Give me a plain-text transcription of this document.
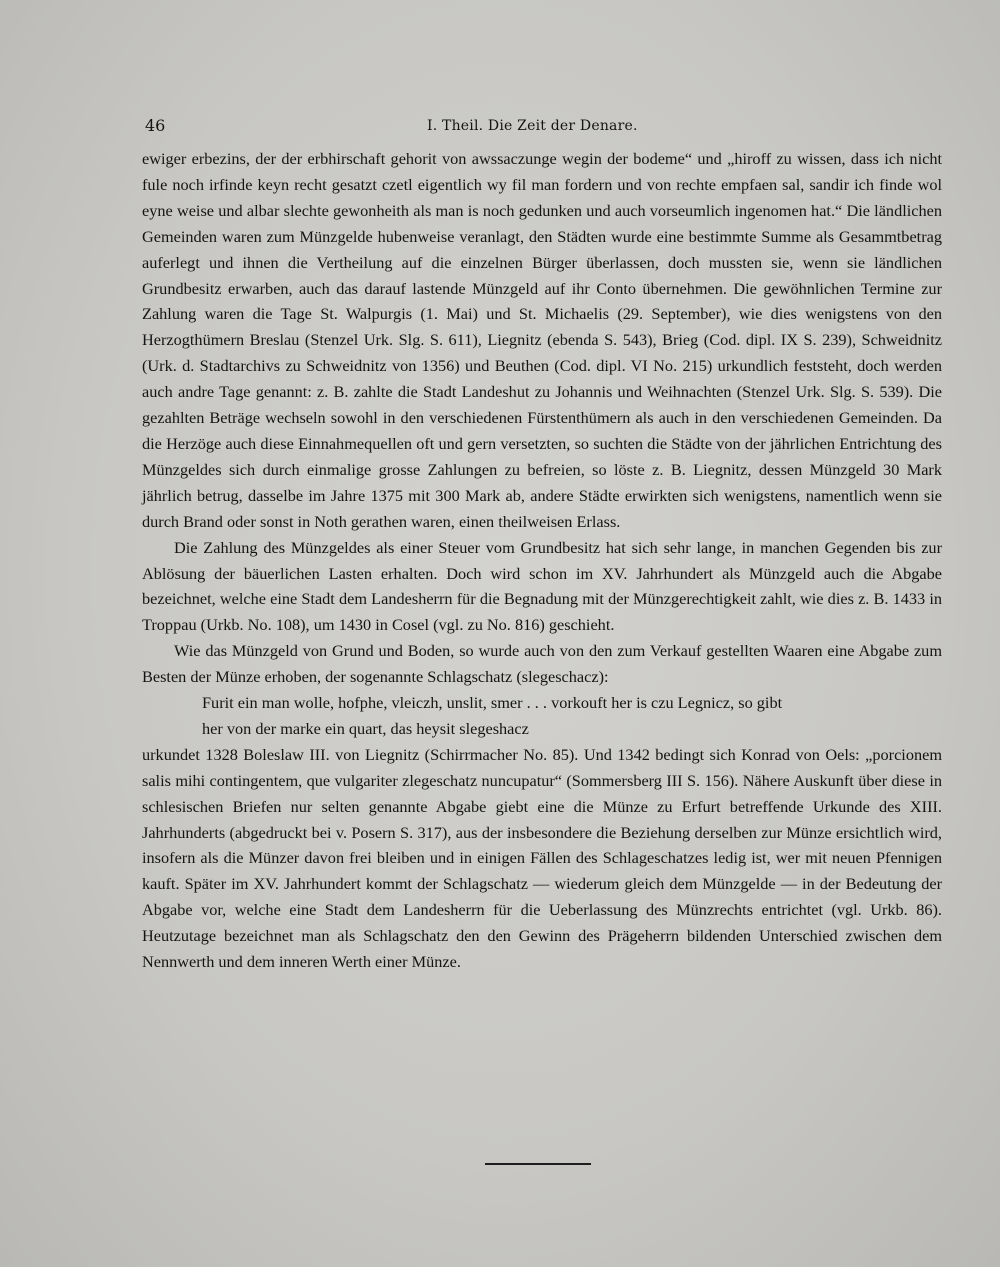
46	I. Theil. Die Zeit der Denare.

ewiger erbezins, der der erbhirschaft gehorit von awssaczunge wegin der bodeme“ und „hiroff zu wissen, dass ich nicht fule noch irfinde keyn recht gesatzt czetl eigentlich wy fil man fordern und von rechte empfaen sal, sandir ich finde wol eyne weise und albar slechte gewonheith als man is noch gedunken und auch vorseumlich ingenomen hat.“ Die ländlichen Gemeinden waren zum Münzgelde hubenweise veranlagt, den Städten wurde eine bestimmte Summe als Gesammtbetrag auferlegt und ihnen die Vertheilung auf die einzelnen Bürger überlassen, doch mussten sie, wenn sie ländlichen Grundbesitz erwarben, auch das darauf lastende Münzgeld auf ihr Conto übernehmen. Die gewöhnlichen Termine zur Zahlung waren die Tage St. Walpurgis (1. Mai) und St. Michaelis (29. September), wie dies wenigstens von den Herzogthümern Breslau (Stenzel Urk. Slg. S. 611), Liegnitz (ebenda S. 543), Brieg (Cod. dipl. IX S. 239), Schweidnitz (Urk. d. Stadtarchivs zu Schweidnitz von 1356) und Beuthen (Cod. dipl. VI No. 215) urkundlich feststeht, doch werden auch andre Tage genannt: z. B. zahlte die Stadt Landeshut zu Johannis und Weihnachten (Stenzel Urk. Slg. S. 539). Die gezahlten Beträge wechseln sowohl in den verschiedenen Fürstenthümern als auch in den verschiedenen Gemeinden. Da die Herzöge auch diese Einnahmequellen oft und gern versetzten, so suchten die Städte von der jährlichen Entrichtung des Münzgeldes sich durch einmalige grosse Zahlungen zu befreien, so löste z. B. Liegnitz, dessen Münzgeld 30 Mark jährlich betrug, dasselbe im Jahre 1375 mit 300 Mark ab, andere Städte erwirkten sich wenigstens, namentlich wenn sie durch Brand oder sonst in Noth gerathen waren, einen theilweisen Erlass.

Die Zahlung des Münzgeldes als einer Steuer vom Grundbesitz hat sich sehr lange, in manchen Gegenden bis zur Ablösung der bäuerlichen Lasten erhalten. Doch wird schon im XV. Jahrhundert als Münzgeld auch die Abgabe bezeichnet, welche eine Stadt dem Landesherrn für die Begnadung mit der Münzgerechtigkeit zahlt, wie dies z. B. 1433 in Troppau (Urkb. No. 108), um 1430 in Cosel (vgl. zu No. 816) geschieht.

Wie das Münzgeld von Grund und Boden, so wurde auch von den zum Verkauf gestellten Waaren eine Abgabe zum Besten der Münze erhoben, der sogenannte Schlagschatz (slegeschacz):

Furit ein man wolle, hofphe, vleiczh, unslit, smer . . . vorkouft her is czu Legnicz, so gibt

her von der marke ein quart, das heysit slegeshacz

urkundet 1328 Boleslaw III. von Liegnitz (Schirrmacher No. 85). Und 1342 bedingt sich Konrad von Oels: „porcionem salis mihi contingentem, que vulgariter zlegeschatz nuncupatur“ (Sommersberg III S. 156). Nähere Auskunft über diese in schlesischen Briefen nur selten genannte Abgabe giebt eine die Münze zu Erfurt betreffende Urkunde des XIII. Jahrhunderts (abgedruckt bei v. Posern S. 317), aus der insbesondere die Beziehung derselben zur Münze ersichtlich wird, insofern als die Münzer davon frei bleiben und in einigen Fällen des Schlageschatzes ledig ist, wer mit neuen Pfennigen kauft. Später im XV. Jahrhundert kommt der Schlagschatz — wiederum gleich dem Münzgelde — in der Bedeutung der Abgabe vor, welche eine Stadt dem Landesherrn für die Ueberlassung des Münzrechts entrichtet (vgl. Urkb. 86). Heutzutage bezeichnet man als Schlagschatz den den Gewinn des Prägeherrn bildenden Unterschied zwischen dem Nennwerth und dem inneren Werth einer Münze.
